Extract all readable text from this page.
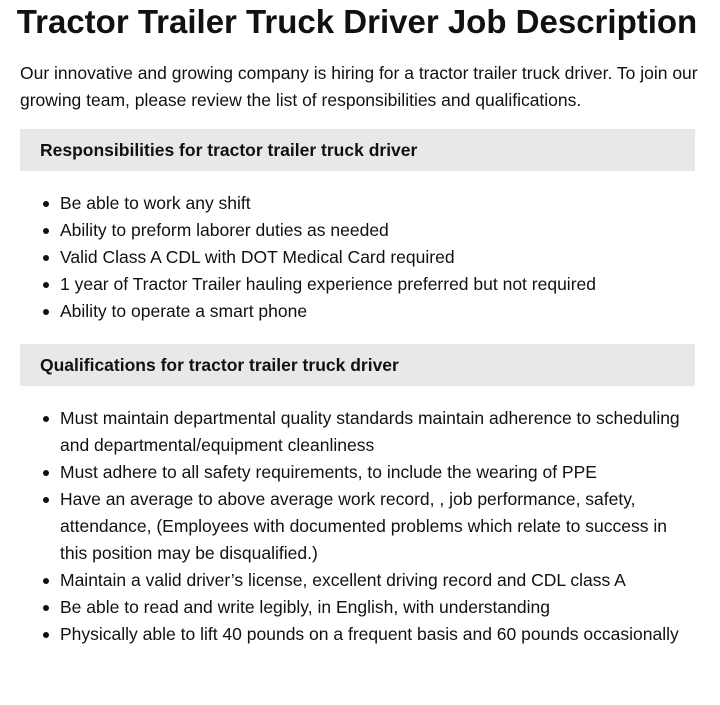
Tractor Trailer Truck Driver Job Description

Our innovative and growing company is hiring for a tractor trailer truck driver. To join our growing team, please review the list of responsibilities and qualifications.

Responsibilities for tractor trailer truck driver
Be able to work any shift
Ability to preform laborer duties as needed
Valid Class A CDL with DOT Medical Card required
1 year of Tractor Trailer hauling experience preferred but not required
Ability to operate a smart phone
Qualifications for tractor trailer truck driver
Must maintain departmental quality standards maintain adherence to scheduling and departmental/equipment cleanliness
Must adhere to all safety requirements, to include the wearing of PPE
Have an average to above average work record, , job performance, safety, attendance, (Employees with documented problems which relate to success in this position may be disqualified.)
Maintain a valid driver’s license, excellent driving record and CDL class A
Be able to read and write legibly, in English, with understanding
Physically able to lift 40 pounds on a frequent basis and 60 pounds occasionally
